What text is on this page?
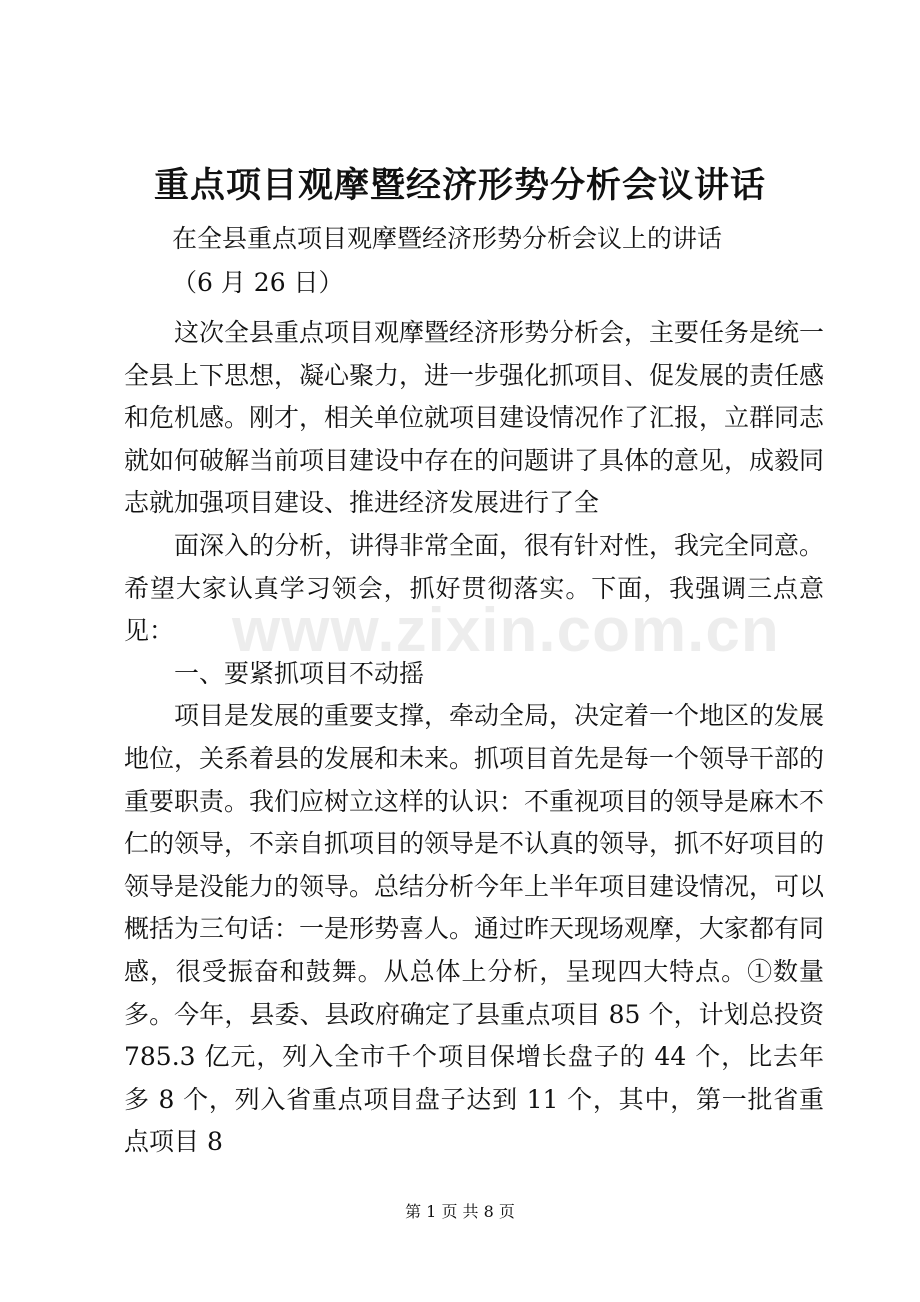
重点项目观摩暨经济形势分析会议讲话
在全县重点项目观摩暨经济形势分析会议上的讲话
（6 月 26 日）

这次全县重点项目观摩暨经济形势分析会，主要任务是统一全县上下思想，凝心聚力，进一步强化抓项目、促发展的责任感和危机感。刚才，相关单位就项目建设情况作了汇报，立群同志就如何破解当前项目建设中存在的问题讲了具体的意见，成毅同志就加强项目建设、推进经济发展进行了全

面深入的分析，讲得非常全面，很有针对性，我完全同意。希望大家认真学习领会，抓好贯彻落实。下面，我强调三点意见：

一、要紧抓项目不动摇

项目是发展的重要支撑，牵动全局，决定着一个地区的发展地位，关系着县的发展和未来。抓项目首先是每一个领导干部的重要职责。我们应树立这样的认识：不重视项目的领导是麻木不仁的领导，不亲自抓项目的领导是不认真的领导，抓不好项目的领导是没能力的领导。总结分析今年上半年项目建设情况，可以概括为三句话：一是形势喜人。通过昨天现场观摩，大家都有同感，很受振奋和鼓舞。从总体上分析，呈现四大特点。①数量多。今年，县委、县政府确定了县重点项目 85 个，计划总投资785.3 亿元，列入全市千个项目保增长盘子的 44 个，比去年多 8 个，列入省重点项目盘子达到 11 个，其中，第一批省重点项目 8

www.zixin.com.cn
第 1 页 共 8 页
